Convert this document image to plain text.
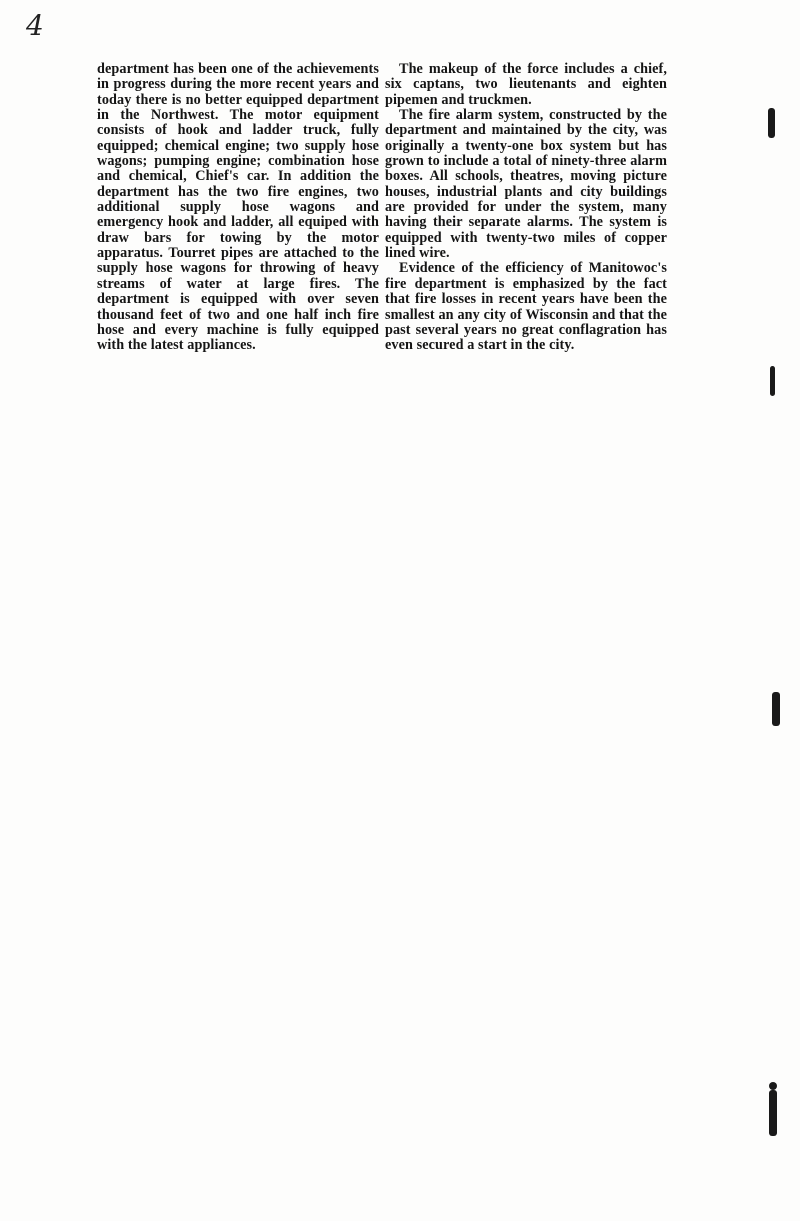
4

department has been one of the achievements in progress during the more recent years and today there is no better equipped department in the Northwest. The motor equipment consists of hook and ladder truck, fully equipped; chemical engine; two supply hose wagons; pumping engine; combination hose and chemical, Chief's car. In addition the department has the two fire engines, two additional supply hose wagons and emergency hook and ladder, all equiped with draw bars for towing by the motor apparatus. Tourret pipes are attached to the supply hose wagons for throwing of heavy streams of water at large fires. The department is equipped with over seven thousand feet of two and one half inch fire hose and every machine is fully equipped with the latest appliances.

The makeup of the force includes a chief, six captans, two lieutenants and eighten pipemen and truckmen.

The fire alarm system, constructed by the department and maintained by the city, was originally a twenty-one box system but has grown to include a total of ninety-three alarm boxes. All schools, theatres, moving picture houses, industrial plants and city buildings are provided for under the system, many having their separate alarms. The system is equipped with twenty-two miles of copper lined wire.

Evidence of the efficiency of Manitowoc's fire department is emphasized by the fact that fire losses in recent years have been the smallest an any city of Wisconsin and that the past several years no great conflagration has even secured a start in the city.
